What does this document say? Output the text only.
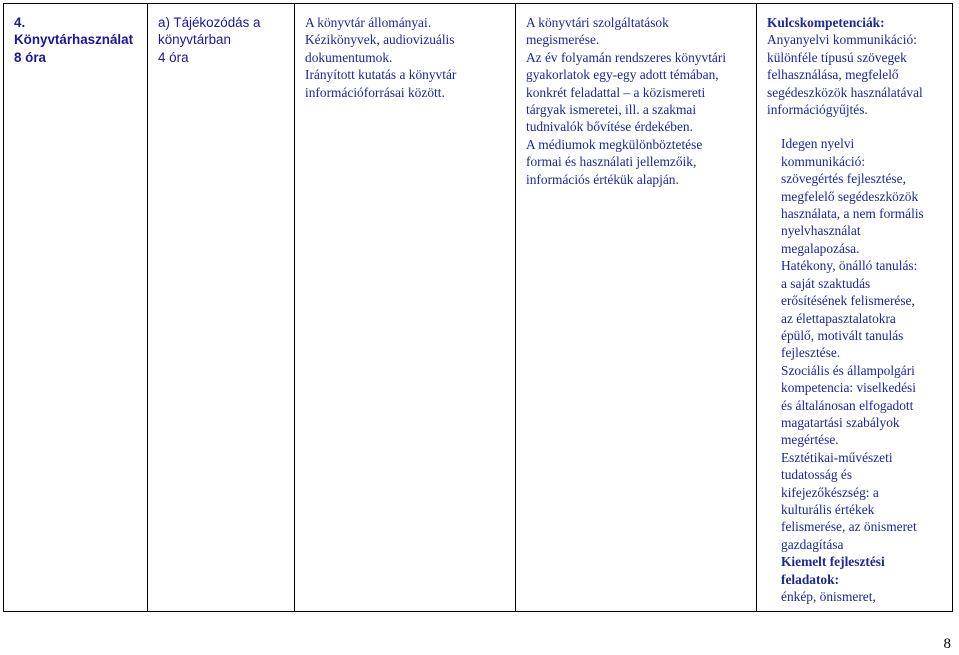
4.
Könyvtárhasználat
8 óra

a) Tájékozódás a
könyvtárban
4 óra

A könyvtár állományai.
Kézikönyvek, audiovizuális
dokumentumok.
Irányított kutatás a könyvtár
információforrásai között.

A könyvtári szolgáltatások
megismerése.
Az év folyamán rendszeres könyvtári
gyakorlatok egy-egy adott témában,
konkrét feladattal – a közismereti
tárgyak ismeretei, ill. a szakmai
tudnivalók bővítése érdekében.
A médiumok megkülönböztetése
formai és használati jellemzőik,
információs értékük alapján.

Kulcskompetenciák:
Anyanyelvi kommunikáció:
különféle típusú szövegek
felhasználása, megfelelő
segédeszközök használatával
információgyűjtés.
Idegen nyelvi
kommunikáció:
szövegértés fejlesztése,
megfelelő segédeszközök
használata, a nem formális
nyelvhasználat
megalapozása.
Hatékony, önálló tanulás:
a saját szaktudás
erősítésének felismerése,
az élettapasztalatokra
épülő, motivált tanulás
fejlesztése.
Szociális és állampolgári
kompetencia: viselkedési
és általánosan elfogadott
magatartási szabályok
megértése.
Esztétikai-művészeti
tudatosság és
kifejezőkészség: a
kulturális értékek
felismerése, az önismeret
gazdagítása
Kiemelt fejlesztési
feladatok:
énkép, önismeret,
8
